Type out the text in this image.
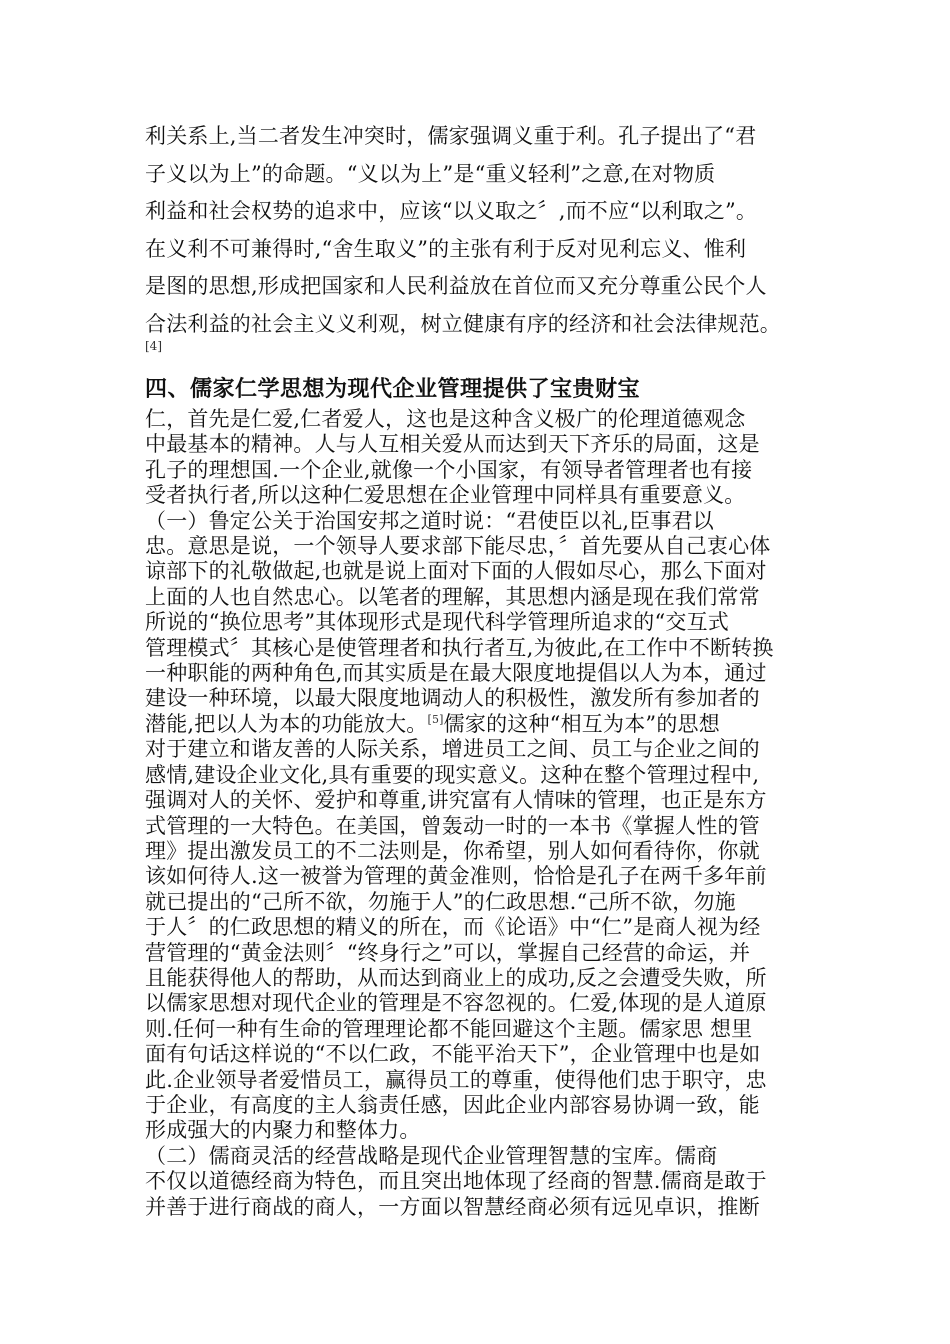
利关系上,当二者发生冲突时，儒家强调义重于利。孔子提出了“君
子义以为上”的命题。“义以为上”是“重义轻利”之意,在对物质
利益和社会权势的追求中，应该“以义取之〞,而不应“以利取之”。
在义利不可兼得时,“舍生取义”的主张有利于反对见利忘义、惟利
是图的思想,形成把国家和人民利益放在首位而又充分尊重公民个人
合法利益的社会主义义利观，树立健康有序的经济和社会法律规范。

[4]
四、儒家仁学思想为现代企业管理提供了宝贵财宝

仁，首先是仁爱,仁者爱人，这也是这种含义极广的伦理道德观念
中最基本的精神。人与人互相关爱从而达到天下齐乐的局面，这是
孔子的理想国.一个企业,就像一个小国家，有领导者管理者也有接
受者执行者,所以这种仁爱思想在企业管理中同样具有重要意义。
（一）鲁定公关于治国安邦之道时说：“君使臣以礼,臣事君以
忠。意思是说，一个领导人要求部下能尽忠，〞首先要从自己衷心体
谅部下的礼敬做起,也就是说上面对下面的人假如尽心，那么下面对
上面的人也自然忠心。以笔者的理解，其思想内涵是现在我们常常
所说的“换位思考”其体现形式是现代科学管理所追求的“交互式
管理模式〞其核心是使管理者和执行者互,为彼此,在工作中不断转换
一种职能的两种角色,而其实质是在最大限度地提倡以人为本，通过
建设一种环境，以最大限度地调动人的积极性，激发所有参加者的
潜能,把以人为本的功能放大。[5]儒家的这种“相互为本”的思想
对于建立和谐友善的人际关系，增进员工之间、员工与企业之间的
感情,建设企业文化,具有重要的现实意义。这种在整个管理过程中,
强调对人的关怀、爱护和尊重,讲究富有人情味的管理，也正是东方
式管理的一大特色。在美国，曾轰动一时的一本书《掌握人性的管
理》提出激发员工的不二法则是，你希望，别人如何看待你，你就
该如何待人.这一被誉为管理的黄金准则，恰恰是孔子在两千多年前
就已提出的“己所不欲，勿施于人”的仁政思想.“己所不欲，勿施
于人〞的仁政思想的精义的所在，而《论语》中“仁”是商人视为经
营管理的“黄金法则〞“终身行之”可以，掌握自己经营的命运，并
且能获得他人的帮助，从而达到商业上的成功,反之会遭受失败，所
以儒家思想对现代企业的管理是不容忽视的。仁爱,体现的是人道原
则.任何一种有生命的管理理论都不能回避这个主题。儒家思 想里
面有句话这样说的“不以仁政，不能平治天下”，企业管理中也是如
此.企业领导者爱惜员工，赢得员工的尊重，使得他们忠于职守，忠
于企业，有高度的主人翁责任感，因此企业内部容易协调一致，能
形成强大的内聚力和整体力。
（二）儒商灵活的经营战略是现代企业管理智慧的宝库。儒商
不仅以道德经商为特色，而且突出地体现了经商的智慧.儒商是敢于
并善于进行商战的商人，一方面以智慧经商必须有远见卓识，推断
